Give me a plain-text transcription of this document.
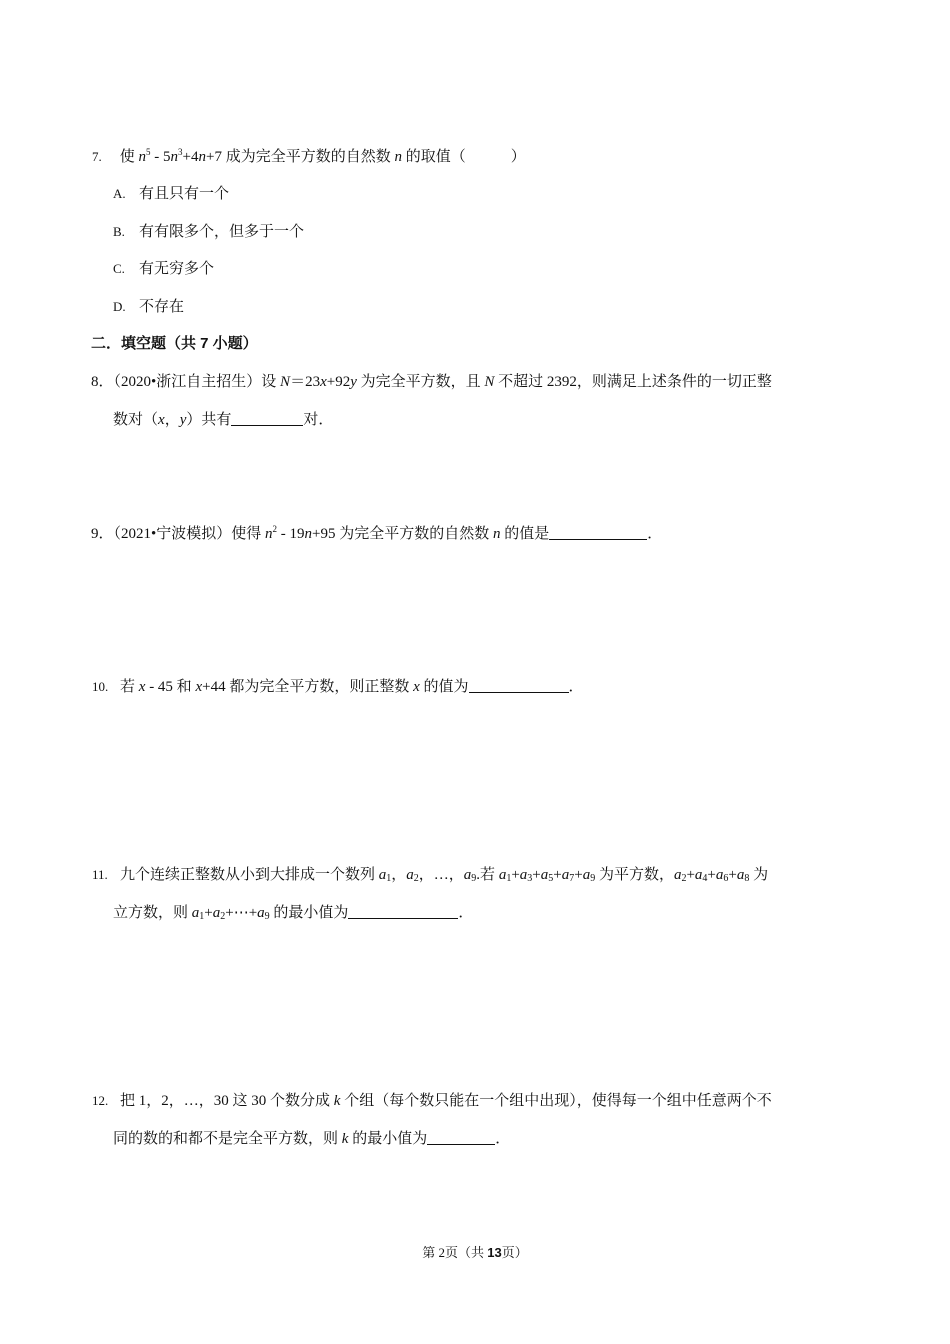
7. 使 $n^5 - 5n^3+4n+7$ 成为完全平方数的自然数 n 的取值（　　　）
A. 有且只有一个
B. 有有限多个，但多于一个
C. 有无穷多个
D. 不存在
二．填空题（共 7 小题）
8．（2020•浙江自主招生）设 N＝23x+92y 为完全平方数，且 N 不超过 2392，则满足上述条件的一切正整
数对（x，y）共有	对．
9．（2021•宁波模拟）使得 $n^2 - 19n+95$ 为完全平方数的自然数 n 的值是	．
10. 若 x - 45 和 x+44 都为完全平方数，则正整数 x 的值为	．
11. 九个连续正整数从小到大排成一个数列 $a_1$，$a_2$，…，$a_9$.若 $a_1+a_3+a_5+a_7+a_9$ 为平方数，$a_2+a_4+a_6+a_8$ 为
立方数，则 $a_1+a_2+\cdots+a_9$ 的最小值为	．
12. 把 1，2，…，30 这 30 个数分成 k 个组（每个数只能在一个组中出现），使得每一个组中任意两个不
同的数的和都不是完全平方数，则 k 的最小值为	．
第 2页（共 13页）
